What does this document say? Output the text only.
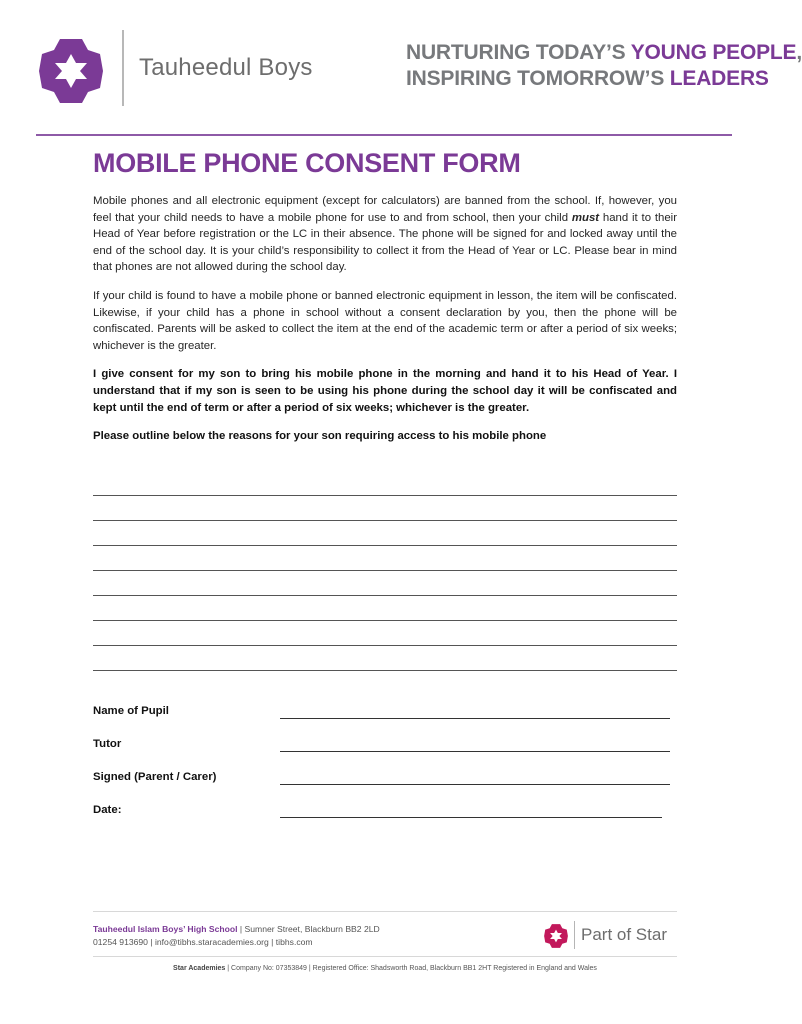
Tauheedul Boys
NURTURING TODAY’S YOUNG PEOPLE,
INSPIRING TOMORROW’S LEADERS
MOBILE PHONE CONSENT FORM

Mobile phones and all electronic equipment (except for calculators) are banned from the school. If, however, you feel that your child needs to have a mobile phone for use to and from school, then your child must hand it to their Head of Year before registration or the LC in their absence. The phone will be signed for and locked away until the end of the school day. It is your child’s responsibility to collect it from the Head of Year or LC. Please bear in mind that phones are not allowed during the school day.

If your child is found to have a mobile phone or banned electronic equipment in lesson, the item will be confiscated. Likewise, if your child has a phone in school without a consent declaration by you, then the phone will be confiscated. Parents will be asked to collect the item at the end of the academic term or after a period of six weeks; whichever is the greater.

I give consent for my son to bring his mobile phone in the morning and hand it to his Head of Year. I understand that if my son is seen to be using his phone during the school day it will be confiscated and kept until the end of term or after a period of six weeks; whichever is the greater.

Please outline below the reasons for your son requiring access to his mobile phone

Name of Pupil
Tutor
Signed (Parent / Carer)
Date:
Tauheedul Islam Boys’ High School | Sumner Street, Blackburn BB2 2LD
01254 913690 | info@tibhs.staracademies.org | tibhs.com	Part of Star
Star Academies | Company No: 07353849 | Registered Office: Shadsworth Road, Blackburn BB1 2HT Registered in England and Wales
